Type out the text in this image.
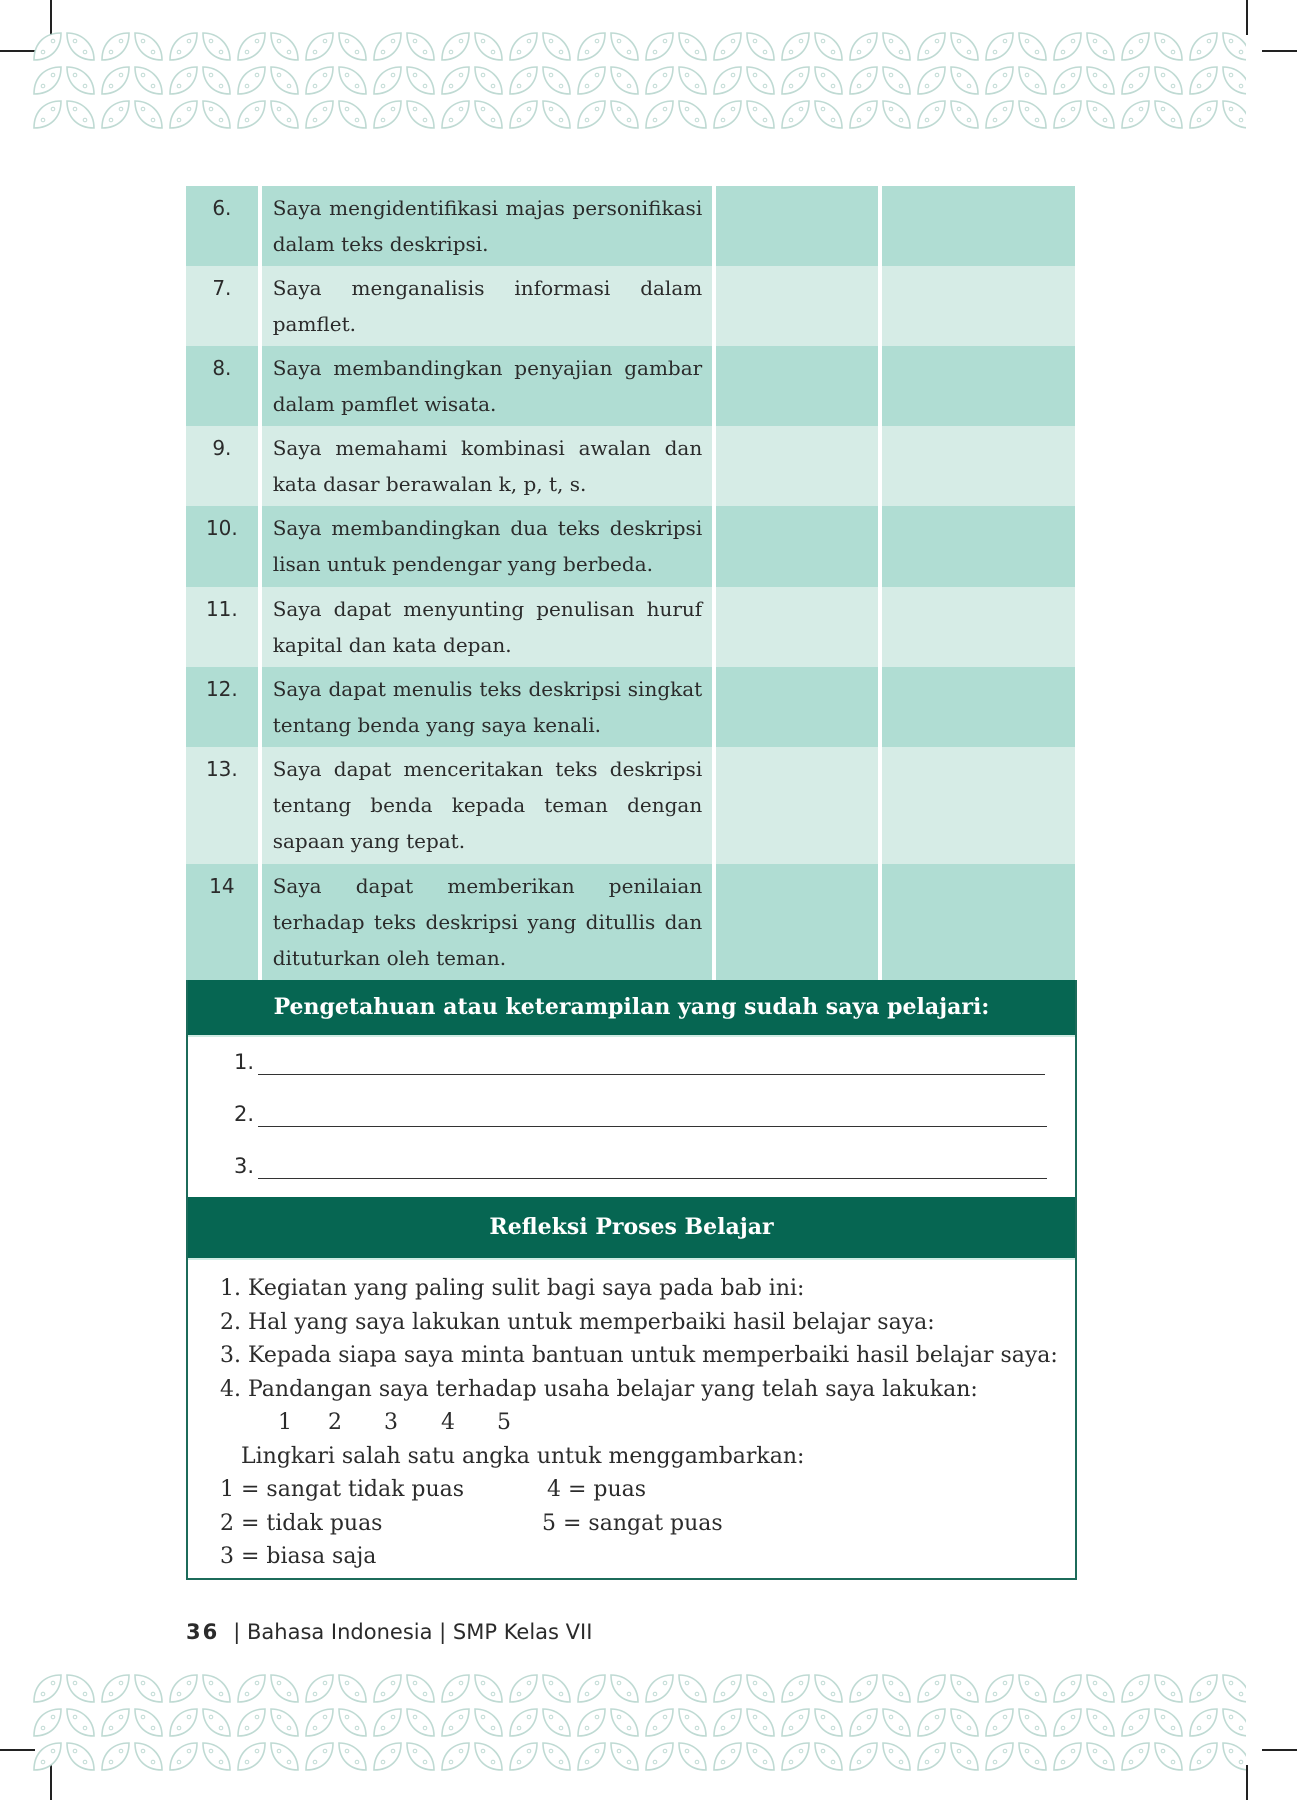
6.	Saya mengidentifikasi majas personifikasi dalam teks deskripsi.		
7.	Saya menganalisis informasi dalam pamflet.		
8.	Saya membandingkan penyajian gambar dalam pamflet wisata.		
9.	Saya memahami kombinasi awalan dan kata dasar berawalan k, p, t, s.		
10.	Saya membandingkan dua teks deskripsi lisan untuk pendengar yang berbeda.		
11.	Saya dapat menyunting penulisan huruf kapital dan kata depan.		
12.	Saya dapat menulis teks deskripsi singkat tentang benda yang saya kenali.		
13.	Saya dapat menceritakan teks deskripsi tentang benda kepada teman dengan sapaan yang tepat.		
14	Saya dapat memberikan penilaian terhadap teks deskripsi yang ditullis dan dituturkan oleh teman.		
Pengetahuan atau keterampilan yang sudah saya pelajari:
1.
2.
3.
Refleksi Proses Belajar
1. Kegiatan yang paling sulit bagi saya pada bab ini:
2. Hal yang saya lakukan untuk memperbaiki hasil belajar saya:
3. Kepada siapa saya minta bantuan untuk memperbaiki hasil belajar saya:
4. Pandangan saya terhadap usaha belajar yang telah saya lakukan:
1 2 3 4 5
Lingkari salah satu angka untuk menggambarkan:
1 = sangat tidak puas	4 = puas
2 = tidak puas	5 = sangat puas
3 = biasa saja
36 | Bahasa Indonesia | SMP Kelas VII
